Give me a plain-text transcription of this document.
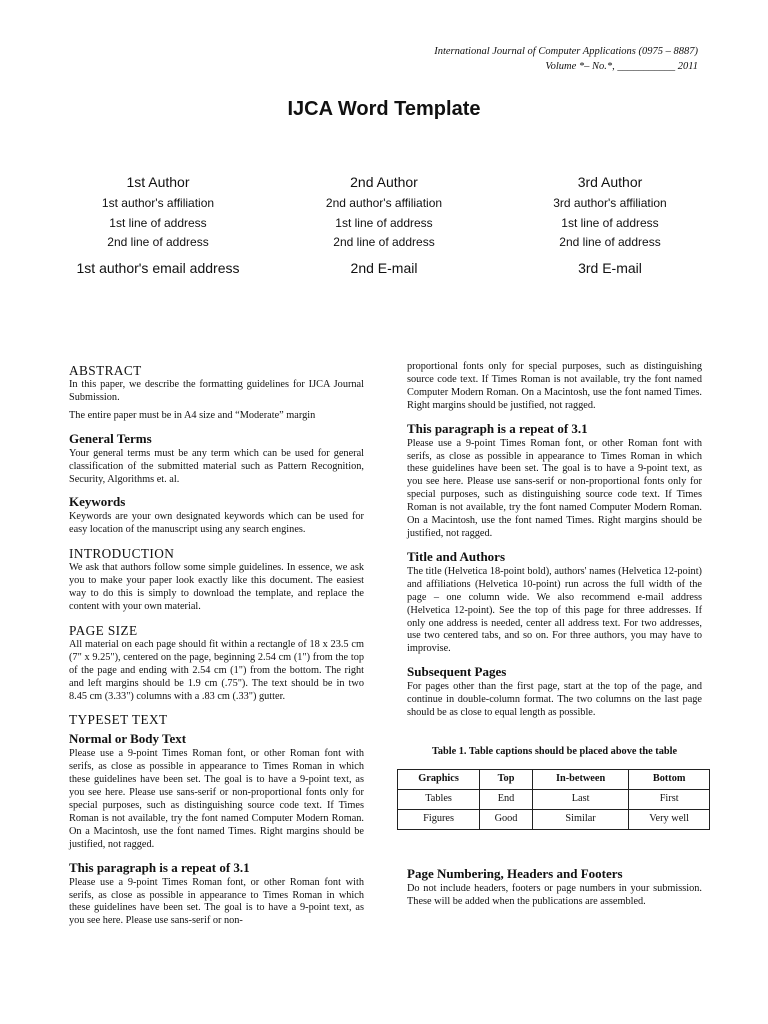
International Journal of Computer Applications (0975 – 8887)
Volume *– No.*, ___________ 2011
IJCA Word Template
1st Author
1st author's affiliation
1st line of address
2nd line of address
1st author's email address
2nd Author
2nd author's affiliation
1st line of address
2nd line of address
2nd E-mail
3rd Author
3rd author's affiliation
1st line of address
2nd line of address
3rd E-mail
ABSTRACT

In this paper, we describe the formatting guidelines for IJCA Journal Submission.

The entire paper must be in A4 size and “Moderate” margin

General Terms

Your general terms must be any term which can be used for general classification of the submitted material such as Pattern Recognition, Security, Algorithms et. al.

Keywords

Keywords are your own designated keywords which can be used for easy location of the manuscript using any search engines.

INTRODUCTION

We ask that authors follow some simple guidelines. In essence, we ask you to make your paper look exactly like this document. The easiest way to do this is simply to download the template, and replace the content with your own material.

PAGE SIZE

All material on each page should fit within a rectangle of 18 x 23.5 cm (7" x 9.25"), centered on the page, beginning 2.54 cm (1") from the top of the page and ending with 2.54 cm (1") from the bottom. The right and left margins should be 1.9 cm (.75"). The text should be in two 8.45 cm (3.33") columns with a .83 cm (.33") gutter.

TYPESET TEXT
Normal or Body Text

Please use a 9-point Times Roman font, or other Roman font with serifs, as close as possible in appearance to Times Roman in which these guidelines have been set. The goal is to have a 9-point text, as you see here. Please use sans-serif or non-proportional fonts only for special purposes, such as distinguishing source code text. If Times Roman is not available, try the font named Computer Modern Roman. On a Macintosh, use the font named Times. Right margins should be justified, not ragged.

This paragraph is a repeat of 3.1

Please use a 9-point Times Roman font, or other Roman font with serifs, as close as possible in appearance to Times Roman in which these guidelines have been set. The goal is to have a 9-point text, as you see here. Please use sans-serif or non-

proportional fonts only for special purposes, such as distinguishing source code text. If Times Roman is not available, try the font named Computer Modern Roman. On a Macintosh, use the font named Times. Right margins should be justified, not ragged.

This paragraph is a repeat of 3.1

Please use a 9-point Times Roman font, or other Roman font with serifs, as close as possible in appearance to Times Roman in which these guidelines have been set. The goal is to have a 9-point text, as you see here. Please use sans-serif or non-proportional fonts only for special purposes, such as distinguishing source code text. If Times Roman is not available, try the font named Computer Modern Roman. On a Macintosh, use the font named Times. Right margins should be justified, not ragged.

Title and Authors

The title (Helvetica 18-point bold), authors' names (Helvetica 12-point) and affiliations (Helvetica 10-point) run across the full width of the page – one column wide. We also recommend e-mail address (Helvetica 12-point). See the top of this page for three addresses. If only one address is needed, center all address text. For two addresses, use two centered tabs, and so on. For three authors, you may have to improvise.

Subsequent Pages

For pages other than the first page, start at the top of the page, and continue in double-column format. The two columns on the last page should be as close to equal length as possible.

Table 1. Table captions should be placed above the table
Graphics	Top	In-between	Bottom
Tables	End	Last	First
Figures	Good	Similar	Very well
Page Numbering, Headers and Footers

Do not include headers, footers or page numbers in your submission. These will be added when the publications are assembled.
